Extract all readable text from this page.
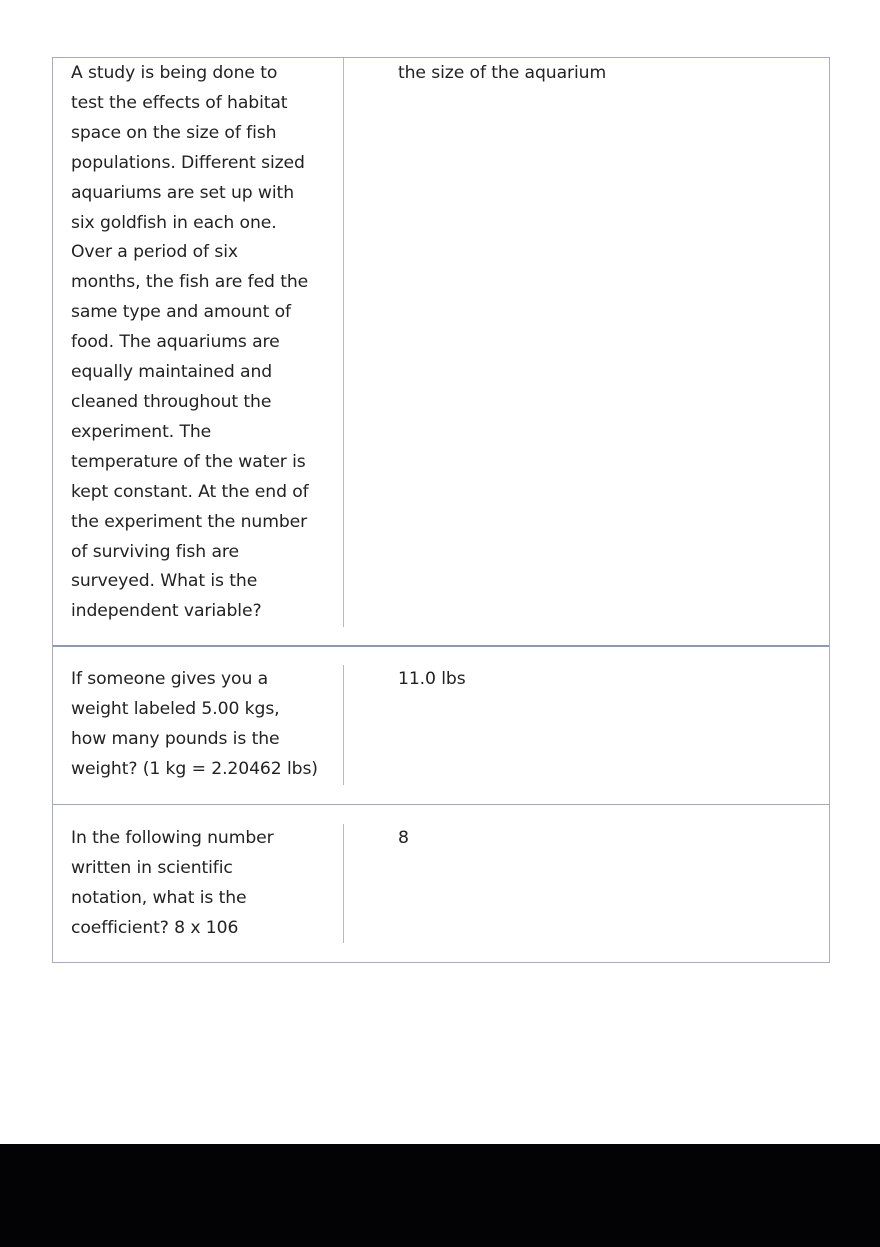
A study is being done to
test the effects of habitat
space on the size of fish
populations. Different sized
aquariums are set up with
six goldfish in each one.
Over a period of six
months, the fish are fed the
same type and amount of
food. The aquariums are
equally maintained and
cleaned throughout the
experiment. The
temperature of the water is
kept constant. At the end of
the experiment the number
of surviving fish are
surveyed. What is the
independent variable?
the size of the aquarium
If someone gives you a
weight labeled 5.00 kgs,
how many pounds is the
weight? (1 kg = 2.20462 lbs)
11.0 lbs
In the following number
written in scientific
notation, what is the
coefficient? 8 x 106
8
